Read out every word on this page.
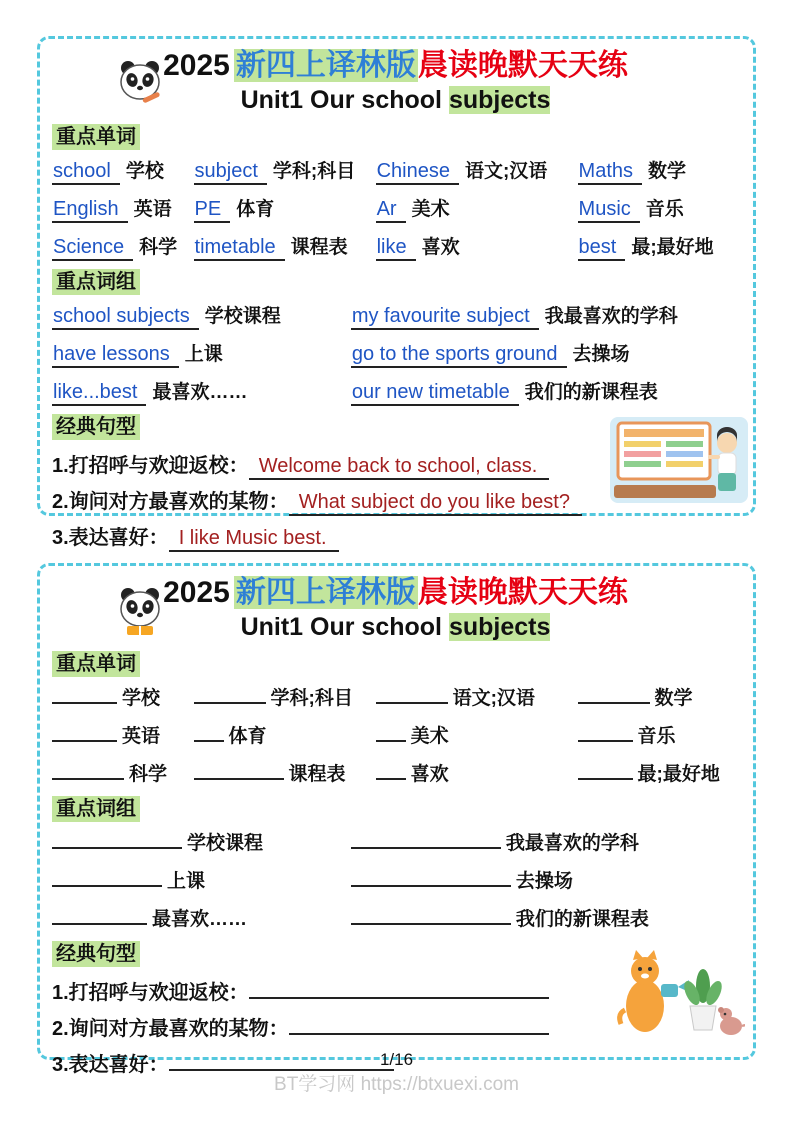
2025 新四上译林版晨读晚默天天练
Unit1 Our school subjects
重点单词
school 学校	subject 学科;科目	Chinese 语文;汉语	Maths 数学
English 英语	PE 体育	Ar 美术	Music 音乐
Science 科学 timetable 课程表	like 喜欢	best 最;最好地
重点词组
school subjects 学校课程	my favourite subject 我最喜欢的学科
have lessons 上课	go to the sports ground 去操场
like...best 最喜欢……	our new timetable 我们的新课程表
经典句型
1.打招呼与欢迎返校： Welcome back to school, class.
2.询问对方最喜欢的某物： What subject do you like best?
3.表达喜好： I like Music best.
2025 新四上译林版晨读晚默天天练
Unit1 Our school subjects
重点单词
学校	学科;科目	语文;汉语	数学
英语	体育	美术	音乐
科学	课程表	喜欢	最;最好地
重点词组
学校课程	我最喜欢的学科
上课	去操场
最喜欢……	我们的新课程表
经典句型
1.打招呼与欢迎返校：
2.询问对方最喜欢的某物：
3.表达喜好：	1/16
BT学习网 https://btxuexi.com
